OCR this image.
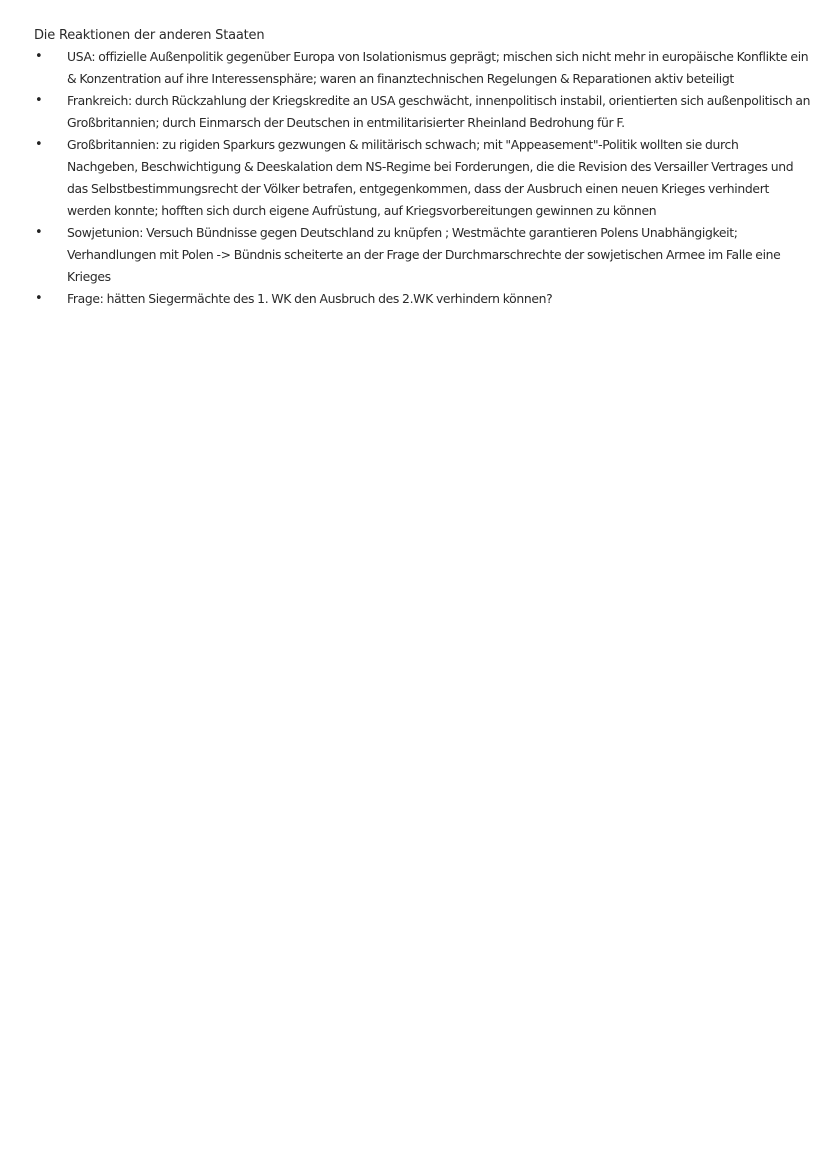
Die Reaktionen der anderen Staaten
• USA: offizielle Außenpolitik gegenüber Europa von Isolationismus geprägt; mischen sich nicht mehr in europäische Konflikte ein & Konzentration auf ihre Interessensphäre; waren an finanztechnischen Regelungen & Reparationen aktiv beteiligt
• Frankreich: durch Rückzahlung der Kriegskredite an USA geschwächt, innenpolitisch instabil, orientierten sich außenpolitisch an Großbritannien; durch Einmarsch der Deutschen in entmilitarisierter Rheinland Bedrohung für F.
• Großbritannien: zu rigiden Sparkurs gezwungen & militärisch schwach; mit "Appeasement"-Politik wollten sie durch Nachgeben, Beschwichtigung & Deeskalation dem NS-Regime bei Forderungen, die die Revision des Versailler Vertrages und das Selbstbestimmungsrecht der Völker betrafen, entgegenkommen, dass der Ausbruch einen neuen Krieges verhindert werden konnte; hofften sich durch eigene Aufrüstung, auf Kriegsvorbereitungen gewinnen zu können
• Sowjetunion: Versuch Bündnisse gegen Deutschland zu knüpfen ; Westmächte garantieren Polens Unabhängigkeit; Verhandlungen mit Polen -> Bündnis scheiterte an der Frage der Durchmarschrechte der sowjetischen Armee im Falle eine Krieges
• Frage: hätten Siegermächte des 1. WK den Ausbruch des 2.WK verhindern können?
